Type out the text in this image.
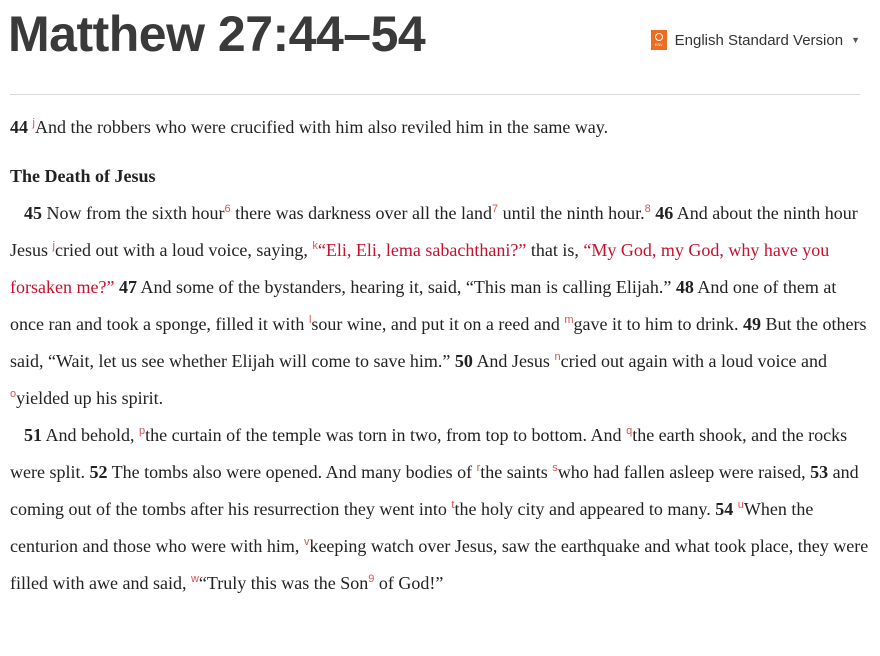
Matthew 27:44–54	ESV English Standard Version ▼

44 $^j$And the robbers who were crucified with him also reviled him in the same way.

The Death of Jesus

45 Now from the sixth hour$^6$ there was darkness over all the land$^7$ until the ninth hour.$^8$ 46 And about the ninth hour Jesus $^j$cried out with a loud voice, saying, $^k$“Eli, Eli, lema sabachthani?” that is, “My God, my God, why have you forsaken me?” 47 And some of the bystanders, hearing it, said, “This man is calling Elijah.” 48 And one of them at once ran and took a sponge, filled it with $^l$sour wine, and put it on a reed and $^m$gave it to him to drink. 49 But the others said, “Wait, let us see whether Elijah will come to save him.” 50 And Jesus $^n$cried out again with a loud voice and $^o$yielded up his spirit.

51 And behold, $^p$the curtain of the temple was torn in two, from top to bottom. And $^q$the earth shook, and the rocks were split. 52 The tombs also were opened. And many bodies of $^r$the saints $^s$who had fallen asleep were raised, 53 and coming out of the tombs after his resurrection they went into $^t$the holy city and appeared to many. 54 $^u$When the centurion and those who were with him, $^v$keeping watch over Jesus, saw the earthquake and what took place, they were filled with awe and said, $^w$“Truly this was the Son$^9$ of God!”
